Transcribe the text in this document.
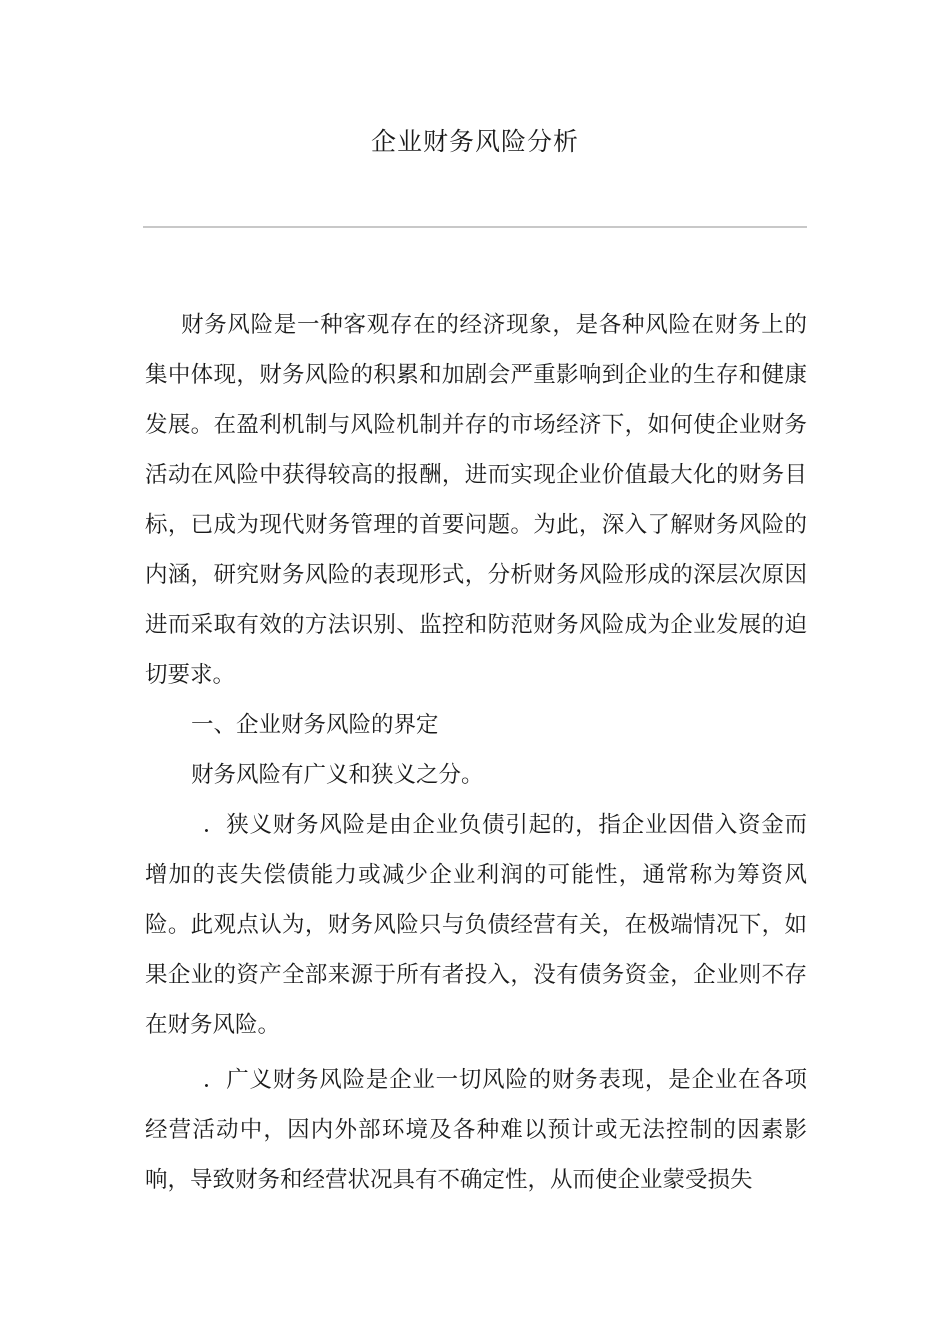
企业财务风险分析

财务风险是一种客观存在的经济现象，是各种风险在财务上的集中体现，财务风险的积累和加剧会严重影响到企业的生存和健康发展。在盈利机制与风险机制并存的市场经济下，如何使企业财务活动在风险中获得较高的报酬，进而实现企业价值最大化的财务目标，已成为现代财务管理的首要问题。为此，深入了解财务风险的内涵，研究财务风险的表现形式，分析财务风险形成的深层次原因 进而采取有效的方法识别、监控和防范财务风险成为企业发展的迫切要求。

一、企业财务风险的界定

财务风险有广义和狭义之分。

．狭义财务风险是由企业负债引起的，指企业因借入资金而增加的丧失偿债能力或减少企业利润的可能性，通常称为筹资风险。此观点认为，财务风险只与负债经营有关，在极端情况下，如果企业的资产全部来源于所有者投入，没有债务资金，企业则不存在财务风险。

．广义财务风险是企业一切风险的财务表现，是企业在各项经营活动中，因内外部环境及各种难以预计或无法控制的因素影响，导致财务和经营状况具有不确定性，从而使企业蒙受损失
